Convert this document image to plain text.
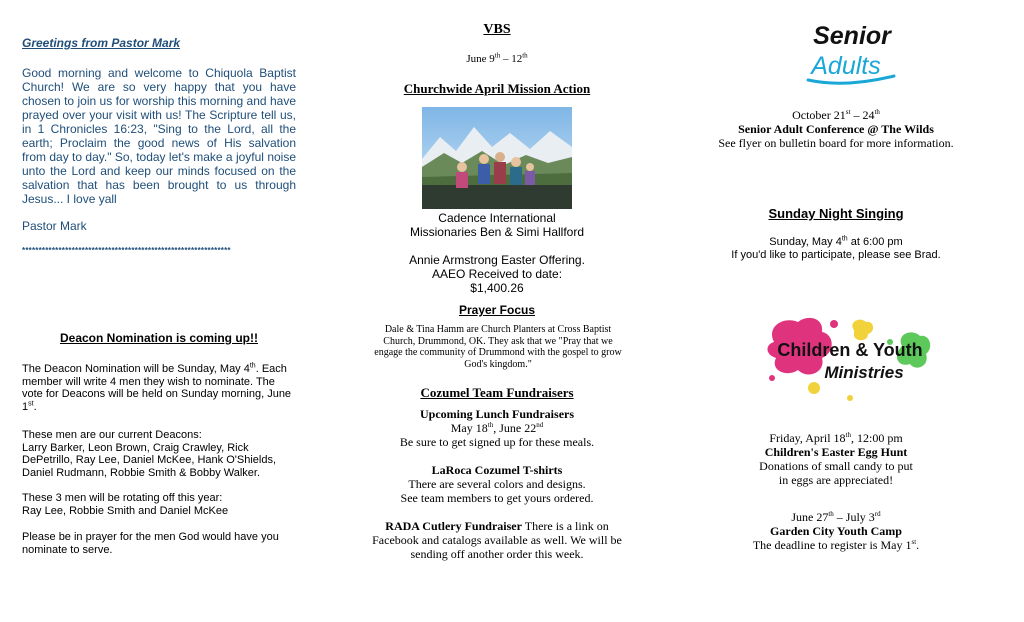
Greetings from Pastor Mark

Good morning and welcome to Chiquola Baptist Church! We are so very happy that you have chosen to join us for worship this morning and have prayed over your visit with us! The Scripture tell us, in 1 Chronicles 16:23, "Sing to the Lord, all the earth; Proclaim the good news of His salvation from day to day." So, today let's make a joyful noise unto the Lord and keep our minds focused on the salvation that has been brought to us through Jesus... I love yall

Pastor Mark

***************************************************************

Deacon Nomination is coming up!!

The Deacon Nomination will be Sunday, May 4th. Each member will write 4 men they wish to nominate. The vote for Deacons will be held on Sunday morning, June 1st.

These men are our current Deacons:
Larry Barker, Leon Brown, Craig Crawley, Rick DePetrillo, Ray Lee, Daniel McKee, Hank O'Shields, Daniel Rudmann, Robbie Smith & Bobby Walker.

These 3 men will be rotating off this year:
Ray Lee, Robbie Smith and Daniel McKee

Please be in prayer for the men God would have you nominate to serve.

VBS

June 9th – 12th

Churchwide April Mission Action

Cadence International
Missionaries Ben & Simi Hallford

Annie Armstrong Easter Offering.
AAEO Received to date:
$1,400.26

Prayer Focus

Dale & Tina Hamm are Church Planters at Cross Baptist Church, Drummond, OK. They ask that we "Pray that we engage the community of Drummond with the gospel to grow God's kingdom."

Cozumel Team Fundraisers

Upcoming Lunch Fundraisers
May 18th, June 22nd
Be sure to get signed up for these meals.

LaRoca Cozumel T-shirts
There are several colors and designs.
See team members to get yours ordered.

RADA Cutlery Fundraiser There is a link on Facebook and catalogs available as well. We will be sending off another order this week.

Senior
Adults

October 21st – 24th
Senior Adult Conference @ The Wilds
See flyer on bulletin board for more information.

Sunday Night Singing

Sunday, May 4th at 6:00 pm
If you'd like to participate, please see Brad.

Children & Youth
Ministries

Friday, April 18th, 12:00 pm
Children's Easter Egg Hunt
Donations of small candy to put
in eggs are appreciated!

June 27th – July 3rd
Garden City Youth Camp
The deadline to register is May 1st.
